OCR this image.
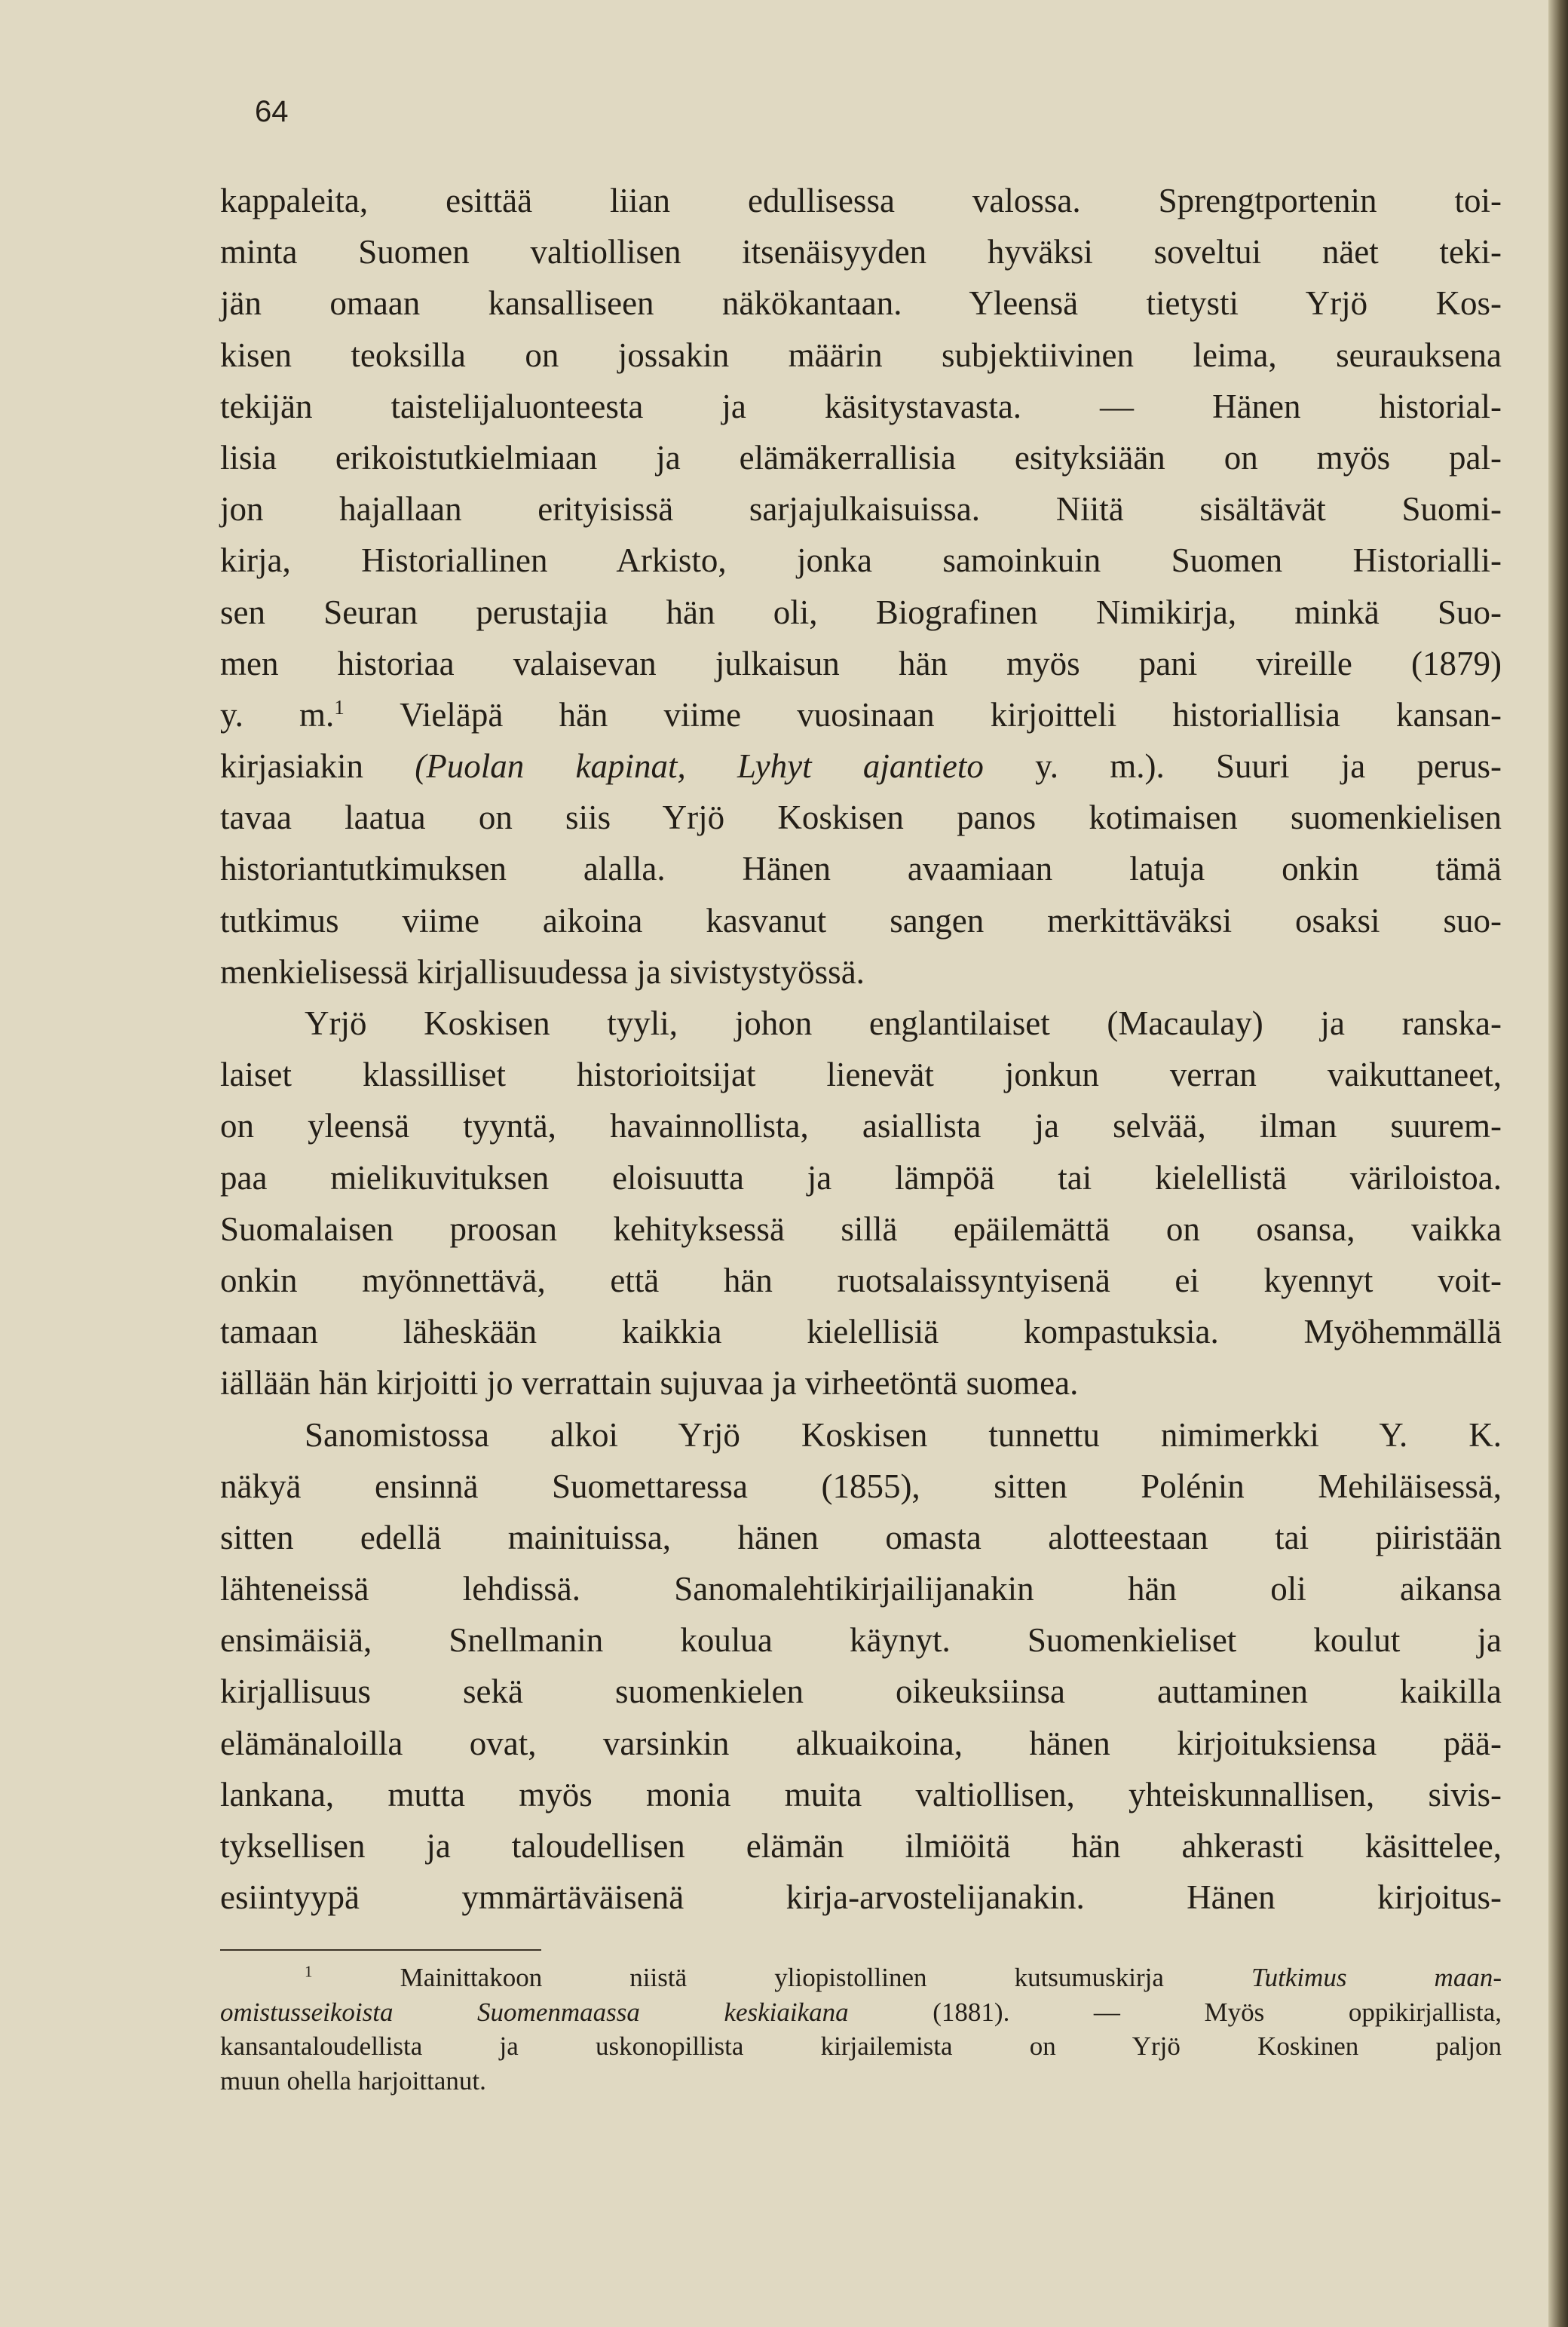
64
kappaleita, esittää liian edullisessa valossa. Sprengtportenin toi-
minta Suomen valtiollisen itsenäisyyden hyväksi soveltui näet teki-
jän omaan kansalliseen näkökantaan. Yleensä tietysti Yrjö Kos-
kisen teoksilla on jossakin määrin subjektiivinen leima, seurauksena
tekijän taistelijaluonteesta ja käsitystavasta. — Hänen historial-
lisia erikoistutkielmiaan ja elämäkerrallisia esityksiään on myös pal-
jon hajallaan erityisissä sarjajulkaisuissa. Niitä sisältävät Suomi-
kirja, Historiallinen Arkisto, jonka samoinkuin Suomen Historialli-
sen Seuran perustajia hän oli, Biografinen Nimikirja, minkä Suo-
men historiaa valaisevan julkaisun hän myös pani vireille (1879)
y. m.$^1$ Vieläpä hän viime vuosinaan kirjoitteli historiallisia kansan-
kirjasiakin (Puolan kapinat, Lyhyt ajantieto y. m.). Suuri ja perus-
tavaa laatua on siis Yrjö Koskisen panos kotimaisen suomenkielisen
historiantutkimuksen alalla. Hänen avaamiaan latuja onkin tämä
tutkimus viime aikoina kasvanut sangen merkittäväksi osaksi suo-
menkielisessä kirjallisuudessa ja sivistystyössä.
Yrjö Koskisen tyyli, johon englantilaiset (Macaulay) ja ranska-
laiset klassilliset historioitsijat lienevät jonkun verran vaikuttaneet,
on yleensä tyyntä, havainnollista, asiallista ja selvää, ilman suurem-
paa mielikuvituksen eloisuutta ja lämpöä tai kielellistä väriloistoa.
Suomalaisen proosan kehityksessä sillä epäilemättä on osansa, vaikka
onkin myönnettävä, että hän ruotsalaissyntyisenä ei kyennyt voit-
tamaan läheskään kaikkia kielellisiä kompastuksia. Myöhemmällä
iällään hän kirjoitti jo verrattain sujuvaa ja virheetöntä suomea.
Sanomistossa alkoi Yrjö Koskisen tunnettu nimimerkki Y. K.
näkyä ensinnä Suomettaressa (1855), sitten Polénin Mehiläisessä,
sitten edellä mainituissa, hänen omasta alotteestaan tai piiristään
lähteneissä lehdissä. Sanomalehtikirjailijanakin hän oli aikansa
ensimäisiä, Snellmanin koulua käynyt. Suomenkieliset koulut ja
kirjallisuus sekä suomenkielen oikeuksiinsa auttaminen kaikilla
elämänaloilla ovat, varsinkin alkuaikoina, hänen kirjoituksiensa pää-
lankana, mutta myös monia muita valtiollisen, yhteiskunnallisen, sivis-
tyksellisen ja taloudellisen elämän ilmiöitä hän ahkerasti käsittelee,
esiintyypä ymmärtäväisenä kirja-arvostelijanakin. Hänen kirjoitus-
$^1$ Mainittakoon niistä yliopistollinen kutsumuskirja Tutkimus maan-
omistusseikoista Suomenmaassa keskiaikana (1881). — Myös oppikirjallista,
kansantaloudellista ja uskonopillista kirjailemista on Yrjö Koskinen paljon
muun ohella harjoittanut.
